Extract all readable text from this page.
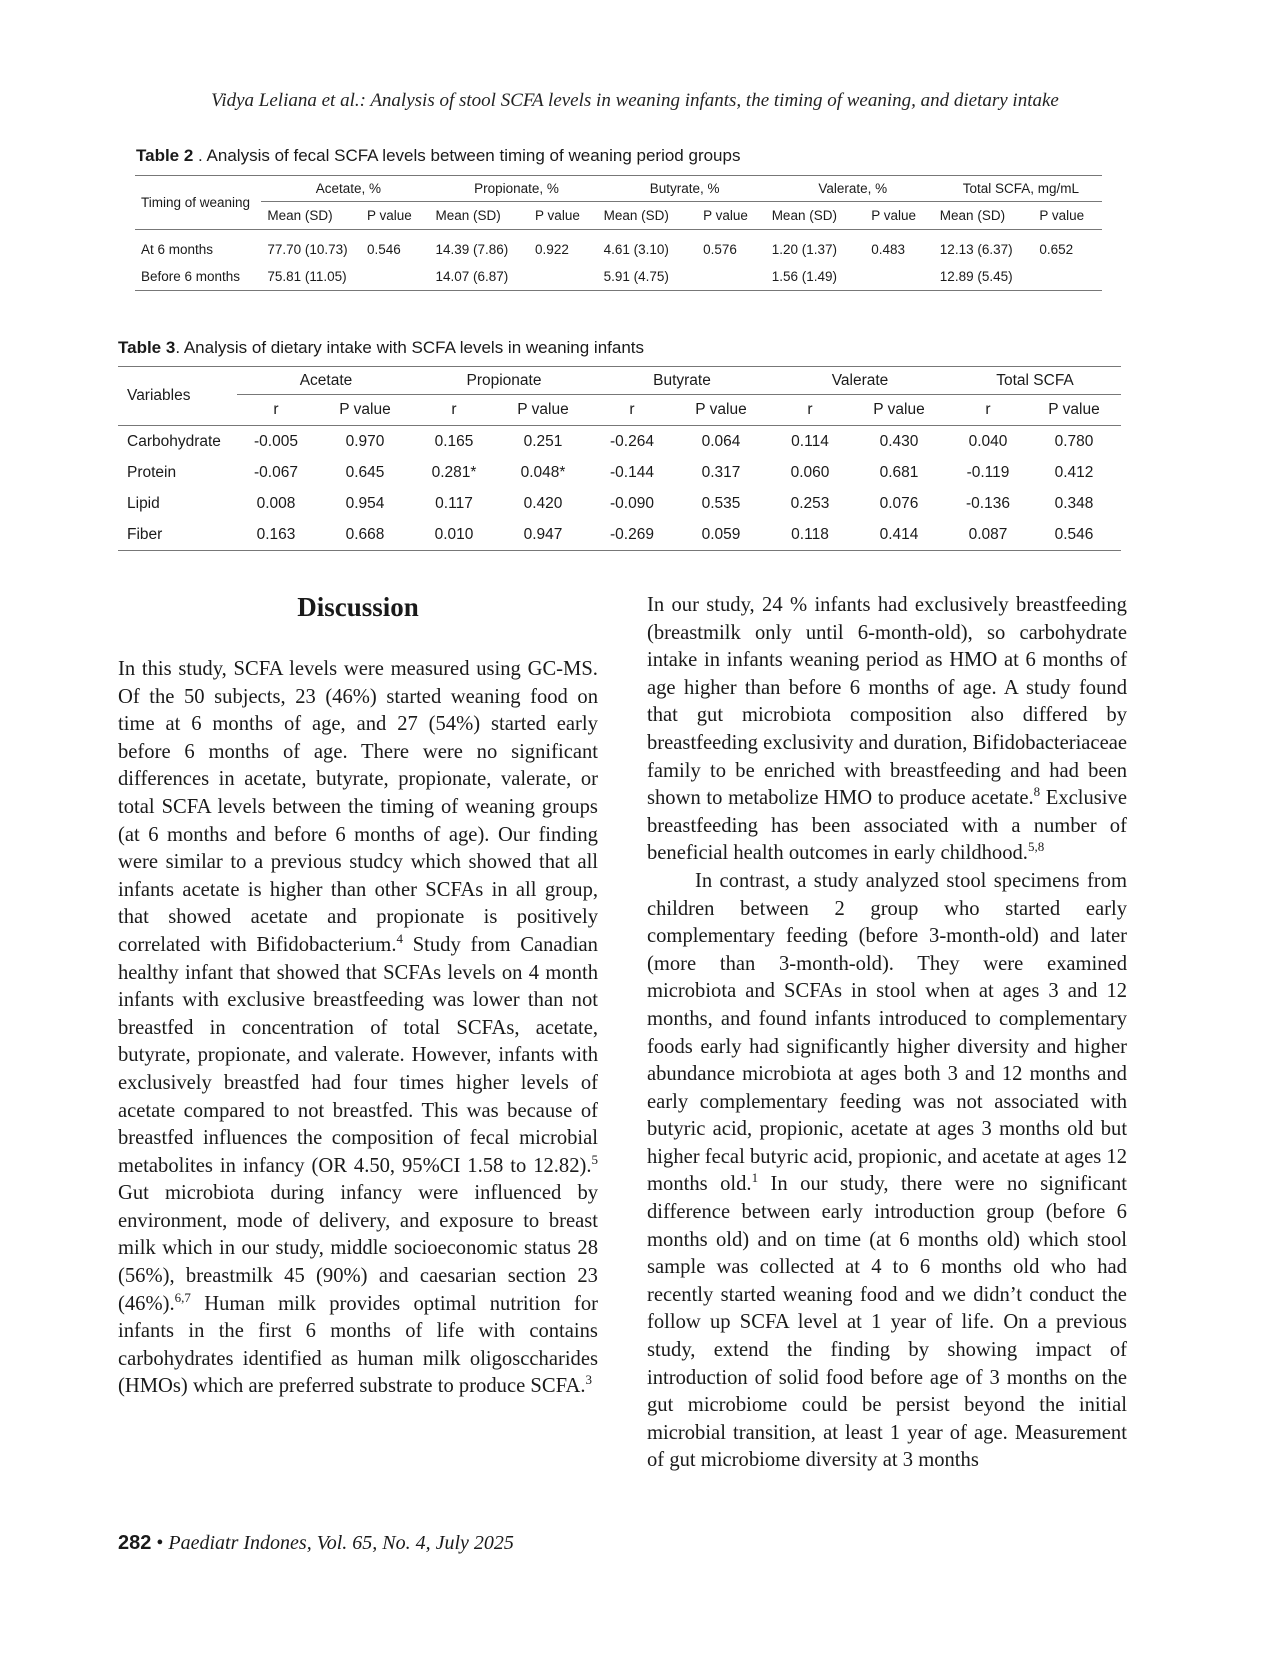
Vidya Leliana et al.: Analysis of stool SCFA levels in weaning infants, the timing of weaning, and dietary intake
Table 2 . Analysis of fecal SCFA levels between timing of weaning period groups
Timing of weaning	Acetate, %		Propionate, %		Butyrate, %		Valerate, %		Total SCFA, mg/mL	
	Mean (SD)	P value	Mean (SD)	P value	Mean (SD)	P value	Mean (SD)	P value	Mean (SD)	P value
At 6 months	77.70 (10.73)	0.546	14.39 (7.86)	0.922	4.61 (3.10)	0.576	1.20 (1.37)	0.483	12.13 (6.37)	0.652
Before 6 months	75.81 (11.05)		14.07 (6.87)		5.91 (4.75)		1.56 (1.49)		12.89 (5.45)	
Table 3. Analysis of dietary intake with SCFA levels in weaning infants
Variables	Acetate		Propionate		Butyrate		Valerate		Total SCFA	
	r	P value	r	P value	r	P value	r	P value	r	P value
Carbohydrate	-0.005	0.970	0.165	0.251	-0.264	0.064	0.114	0.430	0.040	0.780
Protein	-0.067	0.645	0.281*	0.048*	-0.144	0.317	0.060	0.681	-0.119	0.412
Lipid	0.008	0.954	0.117	0.420	-0.090	0.535	0.253	0.076	-0.136	0.348
Fiber	0.163	0.668	0.010	0.947	-0.269	0.059	0.118	0.414	0.087	0.546
Discussion

In this study, SCFA levels were measured using GC-MS. Of the 50 subjects, 23 (46%) started weaning food on time at 6 months of age, and 27 (54%) started early before 6 months of age. There were no significant differences in acetate, butyrate, propionate, valerate, or total SCFA levels between the timing of weaning groups (at 6 months and before 6 months of age). Our finding were similar to a previous studcy which showed that all infants acetate is higher than other SCFAs in all group, that showed acetate and propionate is positively correlated with Bifidobacterium.$^4$ Study from Canadian healthy infant that showed that SCFAs levels on 4 month infants with exclusive breastfeeding was lower than not breastfed in concentration of total SCFAs, acetate, butyrate, propionate, and valerate. However, infants with exclusively breastfed had four times higher levels of acetate compared to not breastfed. This was because of breastfed influences the composition of fecal microbial metabolites in infancy (OR 4.50, 95%CI 1.58 to 12.82).$^5$ Gut microbiota during infancy were influenced by environment, mode of delivery, and exposure to breast milk which in our study, middle socioeconomic status 28 (56%), breastmilk 45 (90%) and caesarian section 23 (46%).$^{6,7}$ Human milk provides optimal nutrition for infants in the first 6 months of life with contains carbohydrates identified as human milk oligosccharides (HMOs) which are preferred substrate to produce SCFA.$^3$

In our study, 24 % infants had exclusively breastfeeding (breastmilk only until 6-month-old), so carbohydrate intake in infants weaning period as HMO at 6 months of age higher than before 6 months of age. A study found that gut microbiota composition also differed by breastfeeding exclusivity and duration, Bifidobacteriaceae family to be enriched with breastfeeding and had been shown to metabolize HMO to produce acetate.$^8$ Exclusive breastfeeding has been associated with a number of beneficial health outcomes in early childhood.$^{5,8}$

In contrast, a study analyzed stool specimens from children between 2 group who started early complementary feeding (before 3-month-old) and later (more than 3-month-old). They were examined microbiota and SCFAs in stool when at ages 3 and 12 months, and found infants introduced to complementary foods early had significantly higher diversity and higher abundance microbiota at ages both 3 and 12 months and early complementary feeding was not associated with butyric acid, propionic, acetate at ages 3 months old but higher fecal butyric acid, propionic, and acetate at ages 12 months old.$^1$ In our study, there were no significant difference between early introduction group (before 6 months old) and on time (at 6 months old) which stool sample was collected at 4 to 6 months old who had recently started weaning food and we didn’t conduct the follow up SCFA level at 1 year of life. On a previous study, extend the finding by showing impact of introduction of solid food before age of 3 months on the gut microbiome could be persist beyond the initial microbial transition, at least 1 year of age. Measurement of gut microbiome diversity at 3 months

282 • Paediatr Indones, Vol. 65, No. 4, July 2025
